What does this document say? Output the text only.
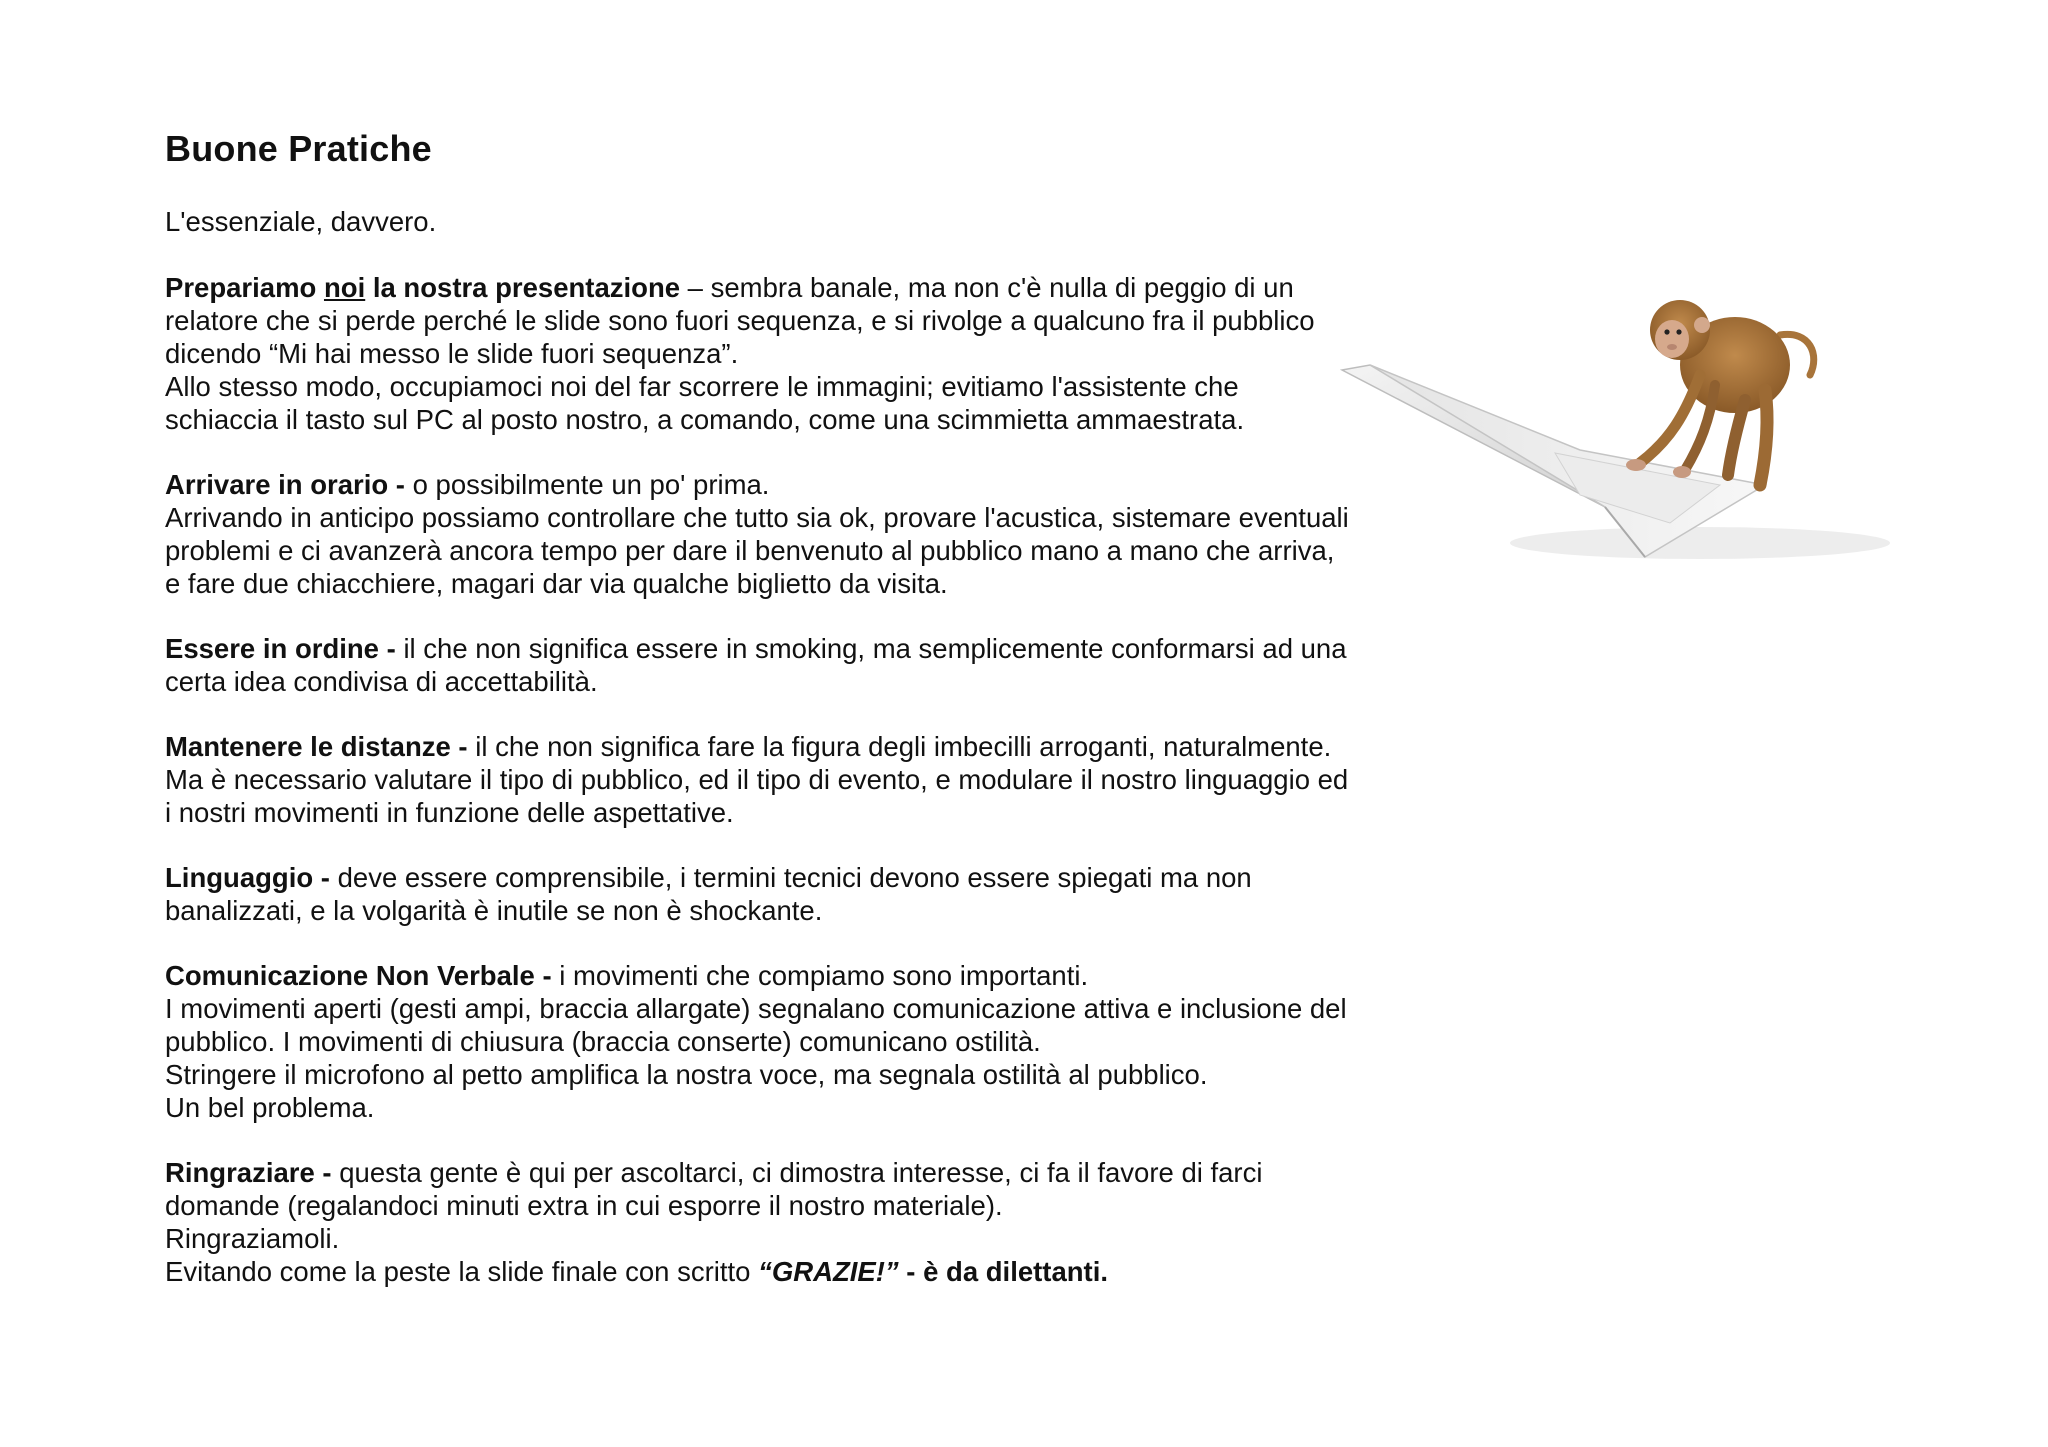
Buone Pratiche

L'essenziale, davvero.

Prepariamo noi la nostra presentazione – sembra banale, ma non c'è nulla di peggio di un relatore che si perde perché le slide sono fuori sequenza, e si rivolge a qualcuno fra il pubblico dicendo “Mi hai messo le slide fuori sequenza”.
Allo stesso modo, occupiamoci noi del far scorrere le immagini; evitiamo l'assistente che schiaccia il tasto sul PC al posto nostro, a comando, come una scimmietta ammaestrata.

Arrivare in orario - o possibilmente un po' prima.
Arrivando in anticipo possiamo controllare che tutto sia ok, provare l'acustica, sistemare eventuali problemi e ci avanzerà ancora tempo per dare il benvenuto al pubblico mano a mano che arriva, e fare due chiacchiere, magari dar via qualche biglietto da visita.

Essere in ordine - il che non significa essere in smoking, ma semplicemente conformarsi ad una certa idea condivisa di accettabilità.

Mantenere le distanze - il che non significa fare la figura degli imbecilli arroganti, naturalmente.
Ma è necessario valutare il tipo di pubblico, ed il tipo di evento, e modulare il nostro linguaggio ed i nostri movimenti in funzione delle aspettative.

Linguaggio - deve essere comprensibile, i termini tecnici devono essere spiegati ma non banalizzati, e la volgarità è inutile se non è shockante.

Comunicazione Non Verbale - i movimenti che compiamo sono importanti.
I movimenti aperti (gesti ampi, braccia allargate) segnalano comunicazione attiva e inclusione del pubblico. I movimenti di chiusura (braccia conserte) comunicano ostilità.
Stringere il microfono al petto amplifica la nostra voce, ma segnala ostilità al pubblico.
Un bel problema.

Ringraziare - questa gente è qui per ascoltarci, ci dimostra interesse, ci fa il favore di farci domande (regalandoci minuti extra in cui esporre il nostro materiale).
Ringraziamoli.
Evitando come la peste la slide finale con scritto “GRAZIE!” - è da dilettanti.
